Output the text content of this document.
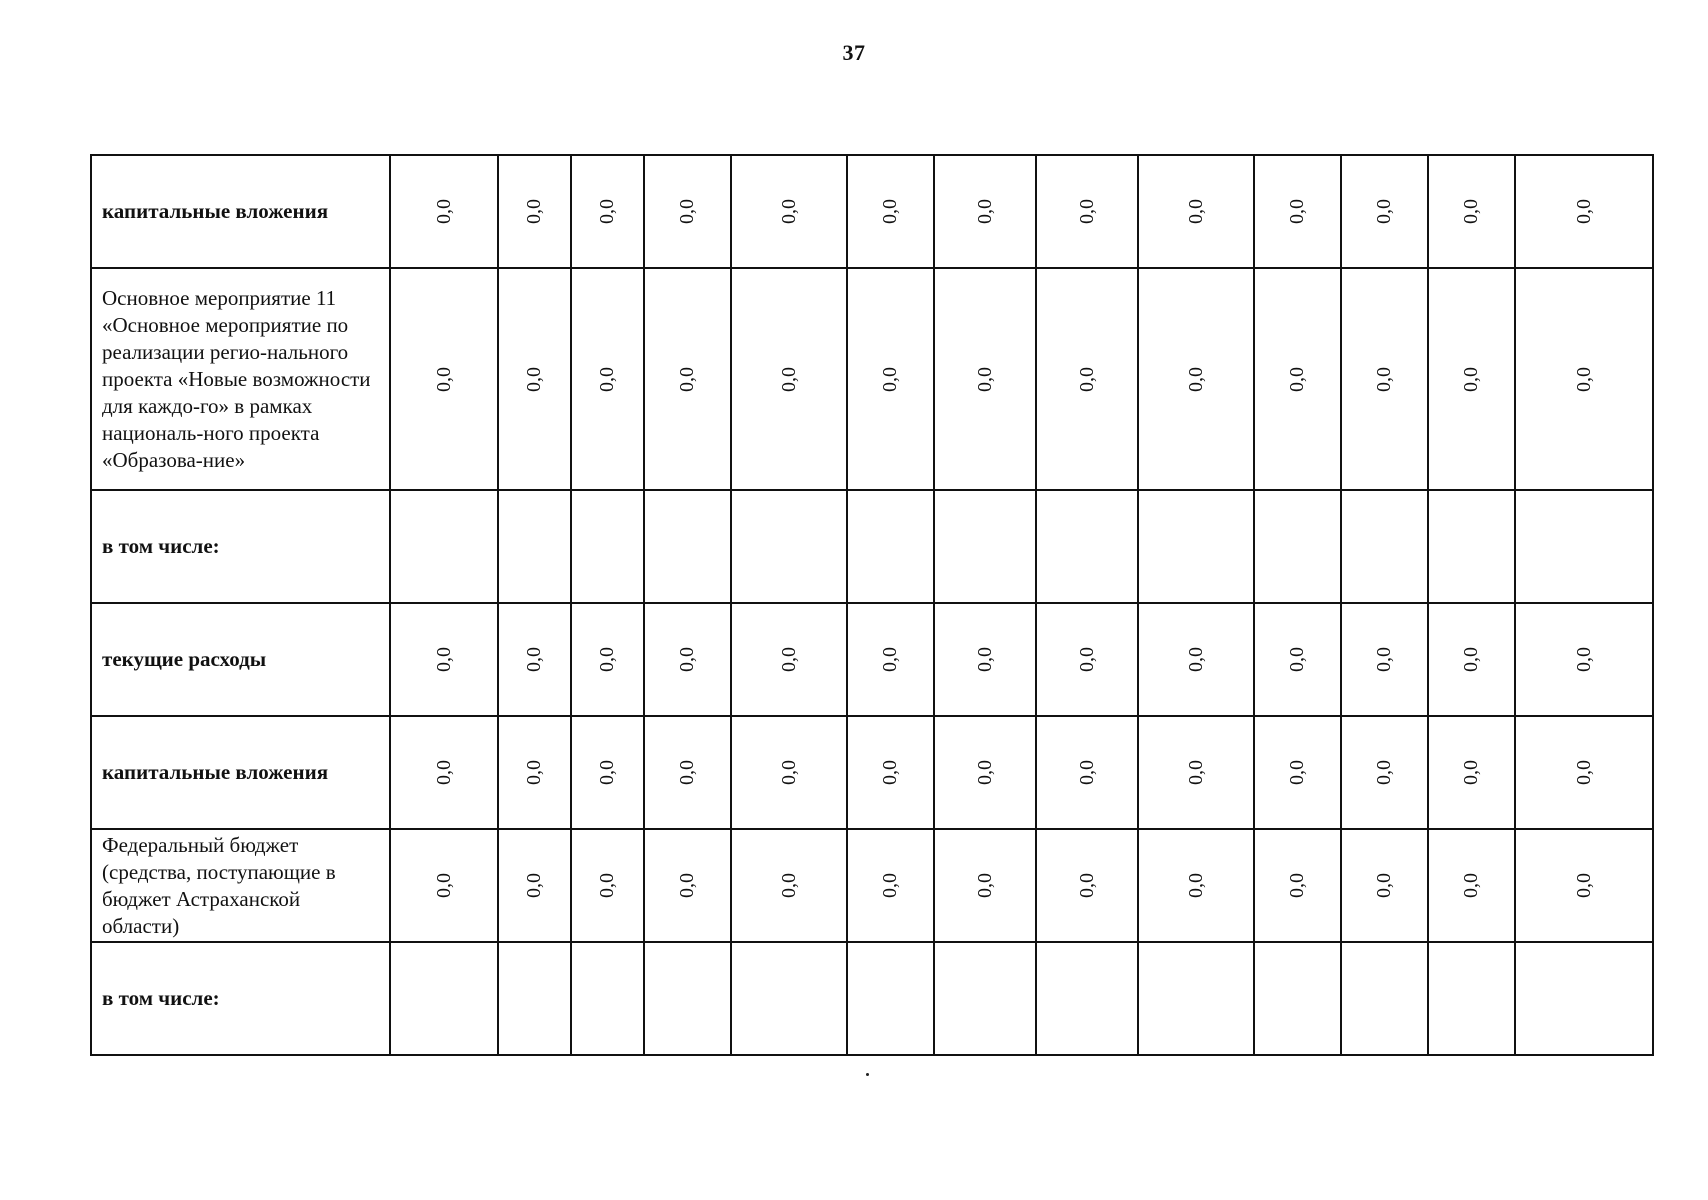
37
капитальные вложения	0,0	0,0	0,0	0,0	0,0	0,0	0,0	0,0	0,0	0,0	0,0	0,0	0,0
Основное мероприятие 11 «Основное мероприятие по реализации регио-нального проекта «Новые возможности для каждо-го» в рамках националь-ного проекта «Образова-ние»	0,0	0,0	0,0	0,0	0,0	0,0	0,0	0,0	0,0	0,0	0,0	0,0	0,0
в том числе:													
текущие расходы	0,0	0,0	0,0	0,0	0,0	0,0	0,0	0,0	0,0	0,0	0,0	0,0	0,0
капитальные вложения	0,0	0,0	0,0	0,0	0,0	0,0	0,0	0,0	0,0	0,0	0,0	0,0	0,0
Федеральный бюджет (средства, поступающие в бюджет Астраханской области)	0,0	0,0	0,0	0,0	0,0	0,0	0,0	0,0	0,0	0,0	0,0	0,0	0,0
в том числе:													
